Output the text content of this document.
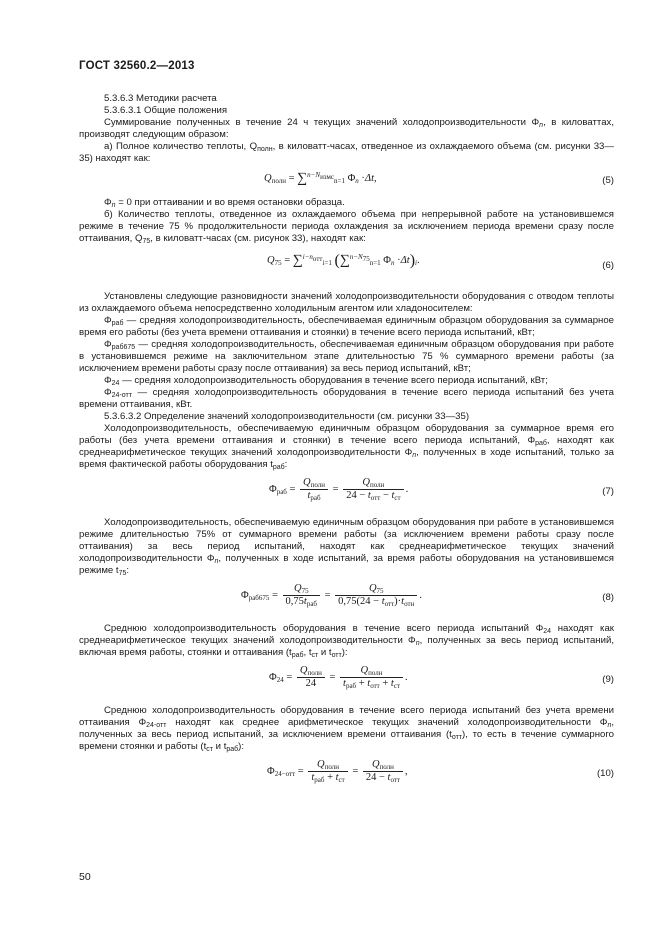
ГОСТ 32560.2—2013

5.3.6.3 Методики расчета

5.3.6.3.1 Общие положения

Суммирование полученных в течение 24 ч текущих значений холодопроизводительности $\Phi_n$, в киловаттах, производят следующим образом:

а) Полное количество теплоты, $Q_{полн}$, в киловатт-часах, отведенное из охлаждаемого объема (см. рисунки 33—35) находят как:

$Q_{полн} = \sum^{n-N_{измс}}_{n=1}$ $\Phi_n \cdot\Delta t$,	(5)

$\Phi_n = 0$ при оттаивании и во время остановки образца.

б) Количество теплоты, отведенное из охлаждаемого объема при непрерывной работе на установившемся режиме в течение 75 % продолжительности периода охлаждения за исключением периода времени сразу после оттаивания, $Q_{75}$, в киловатт-часах (см. рисунок 33), находят как:

$Q_{75} = \sum^{i-n_{отт}}_{i=1}$ (∑$^{n-N_{75}}_{n=1}$ $\Phi_n \cdot\Delta t)_i$.	(6)

Установлены следующие разновидности значений холодопроизводительности оборудования с отводом теплоты из охлаждаемого объема непосредственно холодильным агентом или хладоносителем:

$\Phi_{раб}$ — средняя холодопроизводительность, обеспечиваемая единичным образцом оборудования за суммарное время его работы (без учета времени оттаивания и стоянки) в течение всего периода испытаний, кВт;

$\Phi_{раб675}$ — средняя холодопроизводительность, обеспечиваемая единичным образцом оборудования при работе в установившемся режиме на заключительном этапе длительностью 75 % суммарного времени работы (за исключением времени работы сразу после оттаивания) за весь период испытаний, кВт;

$\Phi_{24}$ — средняя холодопроизводительность оборудования в течение всего периода испытаний, кВт;

$\Phi_{24-отт}$ — средняя холодопроизводительность оборудования в течение всего периода испытаний без учета времени оттаивания, кВт.

5.3.6.3.2 Определение значений холодопроизводительности (см. рисунки 33—35)

Холодопроизводительность, обеспечиваемую единичным образцом оборудования за суммарное время его работы (без учета времени оттаивания и стоянки) в течение всего периода испытаний, $\Phi_{раб}$, находят как среднеарифметическое текущих значений холодопроизводительности $\Phi_n$, полученных в ходе испытаний, только за время фактической работы оборудования $t_{раб}$:

$\Phi_{раб} = \frac{Q_{полн}}{t_{раб}} = \frac{Q_{полн}}{24 - t_{отт} - t_{ст}}$ .	(7)

Холодопроизводительность, обеспечиваемую единичным образцом оборудования при работе в установившемся режиме длительностью 75% от суммарного времени работы (за исключением времени работы сразу после оттаивания) за весь период испытаний, находят как среднеарифметическое текущих значений холодопроизводительности $\Phi_n$, полученных в ходе испытаний, за время работы оборудования на установившемся режиме $t_{75}$:

$\Phi_{раб675} = \frac{Q_{75}}{0,75t_{раб}} = \frac{Q_{75}}{0,75(24 - t_{отт})\cdot t_{отн}}$ .	(8)

Среднюю холодопроизводительность оборудования в течение всего периода испытаний $\Phi_{24}$ находят как среднеарифметическое текущих значений холодопроизводительности $\Phi_n$, полученных за весь период испытаний, включая время работы, стоянки и оттаивания ($t_{раб}$, $t_{ст}$ и $t_{отт}$):

$\Phi_{24} = \frac{Q_{полн}}{24} = \frac{Q_{полн}}{t_{раб} + t_{отт} + t_{ст}}$ .	(9)

Среднюю холодопроизводительность оборудования в течение всего периода испытаний без учета времени оттаивания $\Phi_{24-отт}$ находят как среднее арифметическое текущих значений холодопроизводительности $\Phi_n$, полученных за весь период испытаний, за исключением времени оттаивания $(t_{отт})$, то есть в течение суммарного времени стоянки и работы ($t_{ст}$ и $t_{раб}$):

$\Phi_{24-отт} = \frac{Q_{полн}}{t_{раб} + t_{ст}} = \frac{Q_{полн}}{24 - t_{отт}}$ ,	(10)
50
